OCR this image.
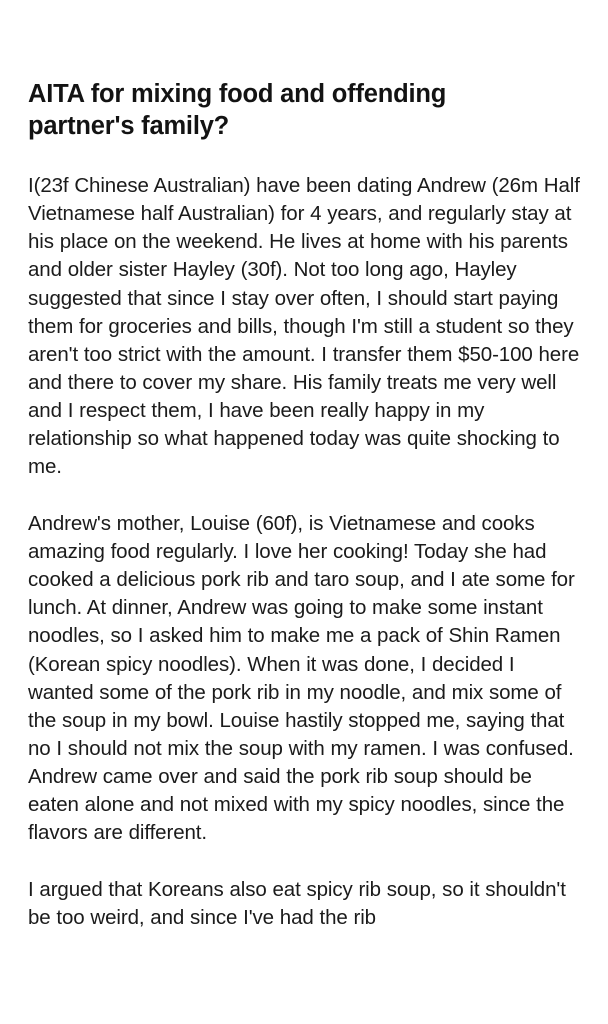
AITA for mixing food and offending partner's family?

I(23f Chinese Australian) have been dating Andrew (26m Half Vietnamese half Australian) for 4 years, and regularly stay at his place on the weekend. He lives at home with his parents and older sister Hayley (30f). Not too long ago, Hayley suggested that since I stay over often, I should start paying them for groceries and bills, though I'm still a student so they aren't too strict with the amount. I transfer them $50-100 here and there to cover my share. His family treats me very well and I respect them, I have been really happy in my relationship so what happened today was quite shocking to me.

Andrew's mother, Louise (60f), is Vietnamese and cooks amazing food regularly. I love her cooking! Today she had cooked a delicious pork rib and taro soup, and I ate some for lunch. At dinner, Andrew was going to make some instant noodles, so I asked him to make me a pack of Shin Ramen (Korean spicy noodles). When it was done, I decided I wanted some of the pork rib in my noodle, and mix some of the soup in my bowl. Louise hastily stopped me, saying that no I should not mix the soup with my ramen. I was confused. Andrew came over and said the pork rib soup should be eaten alone and not mixed with my spicy noodles, since the flavors are different.

I argued that Koreans also eat spicy rib soup, so it shouldn't be too weird, and since I've had the rib
